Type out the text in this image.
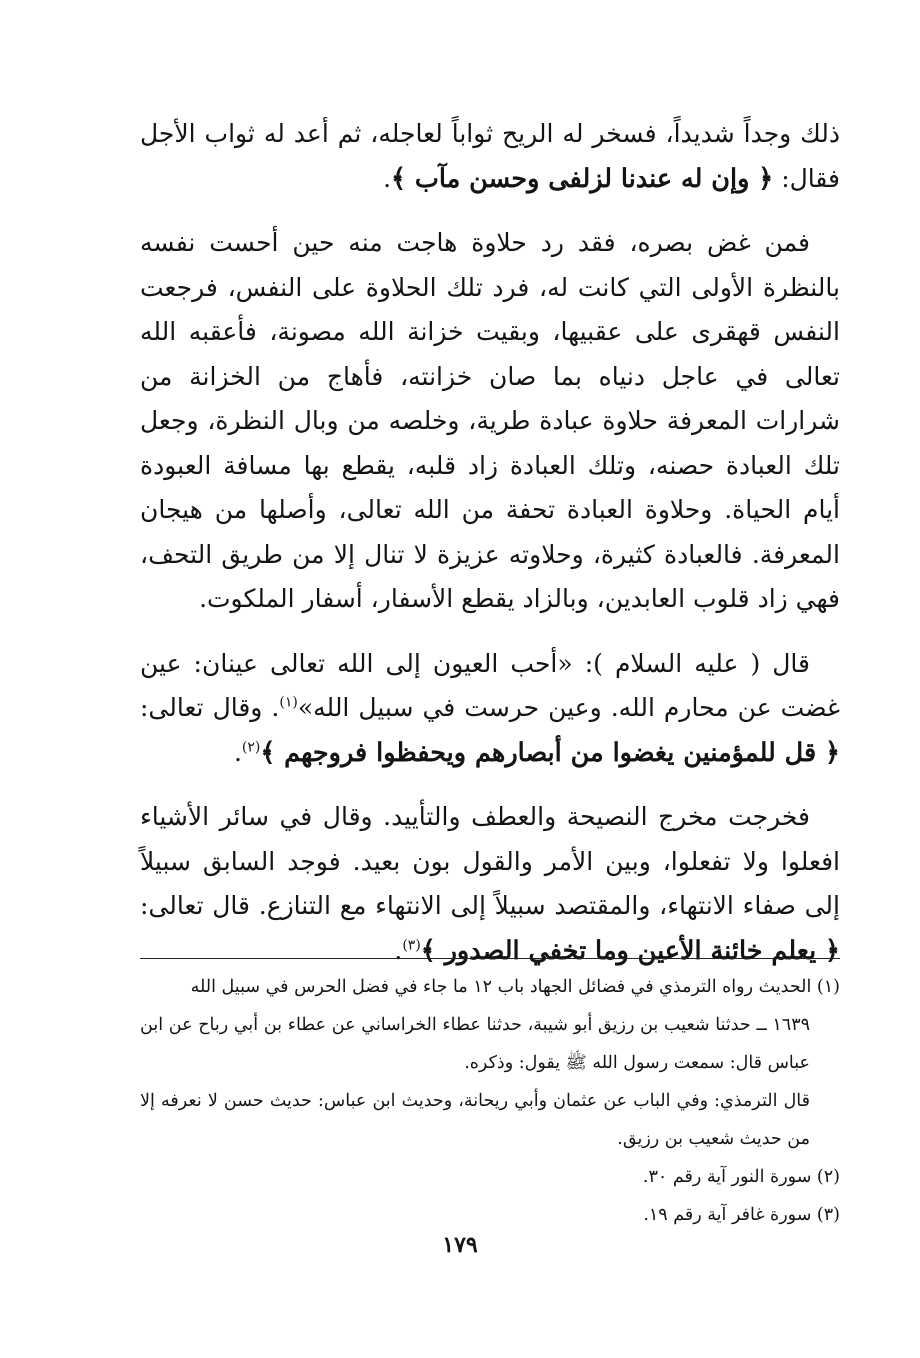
ذلك وجداً شديداً، فسخر له الريح ثواباً لعاجله، ثم أعد له ثواب الأجل فقال: ﴿ وإن له عندنا لزلفى وحسن مآب ﴾.

فمن غض بصره، فقد رد حلاوة هاجت منه حين أحست نفسه بالنظرة الأولى التي كانت له، فرد تلك الحلاوة على النفس، فرجعت النفس قهقرى على عقبيها، وبقيت خزانة الله مصونة، فأعقبه الله تعالى في عاجل دنياه بما صان خزانته، فأهاج من الخزانة من شرارات المعرفة حلاوة عبادة طرية، وخلصه من وبال النظرة، وجعل تلك العبادة حصنه، وتلك العبادة زاد قلبه، يقطع بها مسافة العبودة أيام الحياة. وحلاوة العبادة تحفة من الله تعالى، وأصلها من هيجان المعرفة. فالعبادة كثيرة، وحلاوته عزيزة لا تنال إلا من طريق التحف، فهي زاد قلوب العابدين، وبالزاد يقطع الأسفار، أسفار الملكوت.

قال ( عليه السلام ): «أحب العيون إلى الله تعالى عينان: عين غضت عن محارم الله. وعين حرست في سبيل الله»$^{(١)}$. وقال تعالى: ﴿ قل للمؤمنين يغضوا من أبصارهم ويحفظوا فروجهم ﴾$^{(٢)}$.

فخرجت مخرج النصيحة والعطف والتأييد. وقال في سائر الأشياء افعلوا ولا تفعلوا، وبين الأمر والقول بون بعيد. فوجد السابق سبيلاً إلى صفاء الانتهاء، والمقتصد سبيلاً إلى الانتهاء مع التنازع. قال تعالى: ﴿ يعلم خائنة الأعين وما تخفي الصدور ﴾$^{(٣)}$.

(١) الحديث رواه الترمذي في فضائل الجهاد باب ١٢ ما جاء في فضل الحرس في سبيل الله
١٦٣٩ ــ حدثنا شعيب بن رزيق أبو شيبة، حدثنا عطاء الخراساني عن عطاء بن أبي رباح عن ابن عباس قال: سمعت رسول الله ﷺ يقول: وذكره.

قال الترمذي: وفي الباب عن عثمان وأبي ريحانة، وحديث ابن عباس: حديث حسن لا نعرفه إلا من حديث شعيب بن رزيق.

(٢) سورة النور آية رقم ٣٠.

(٣) سورة غافر آية رقم ١٩.

١٧٩
